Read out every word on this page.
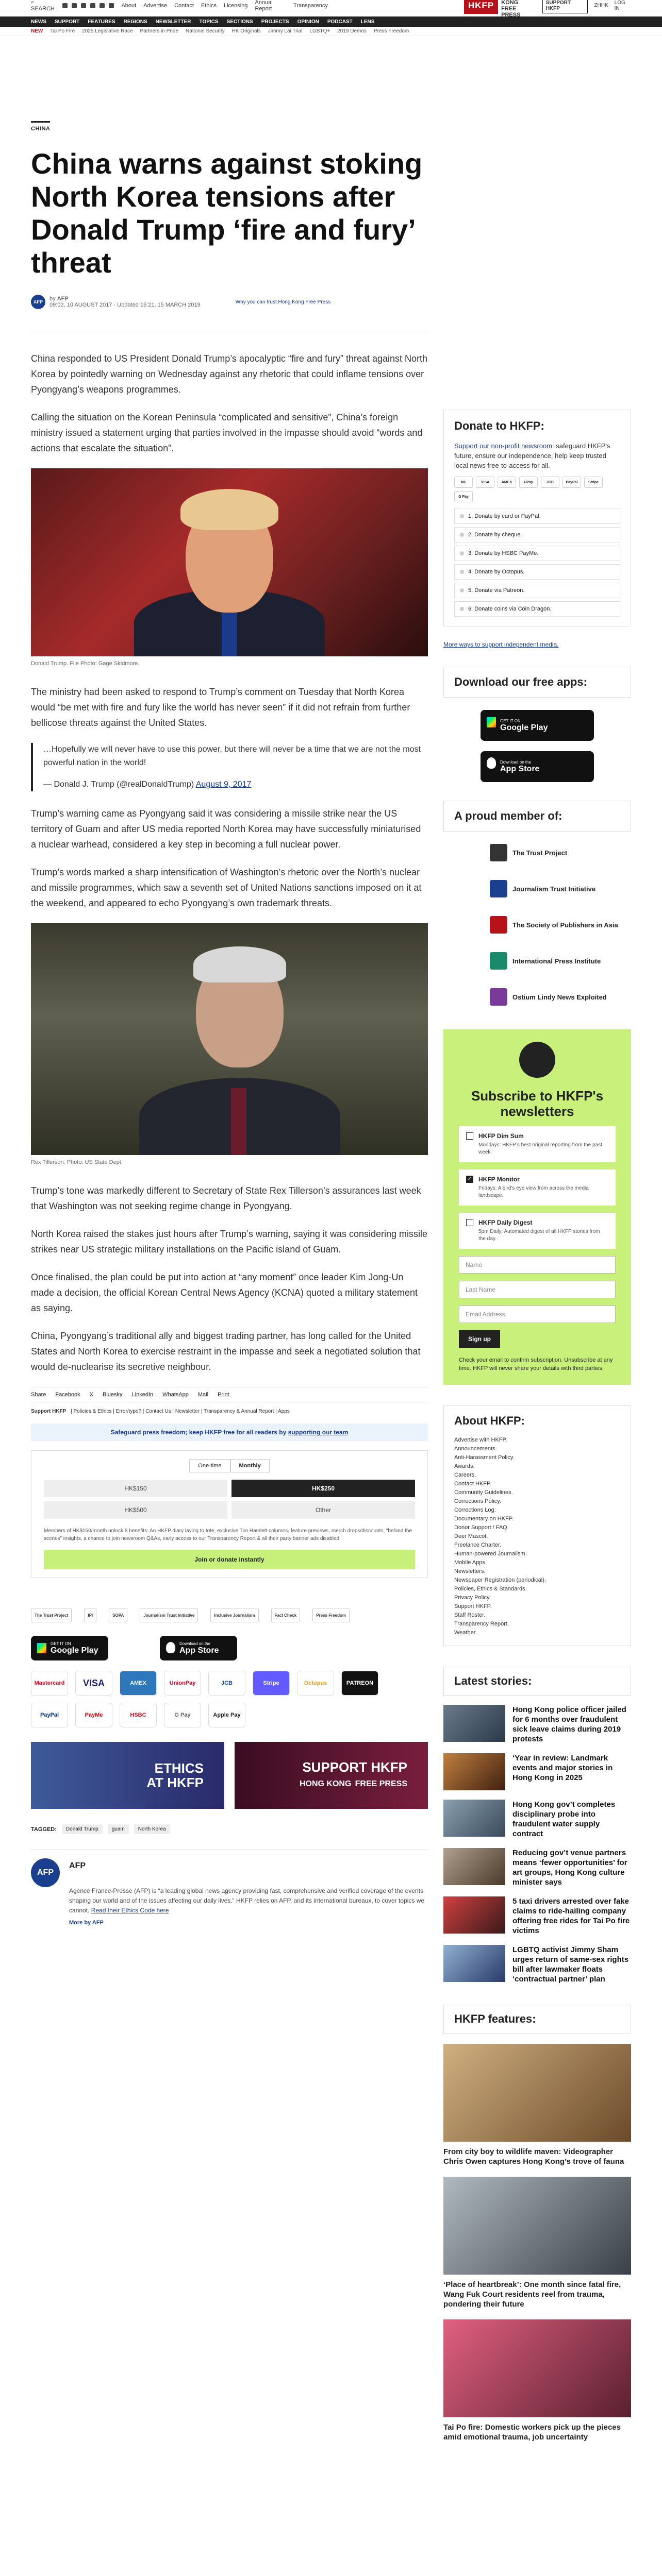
⌕ SEARCH
About Advertise Contact Ethics Licensing Annual Report	Transparency	HKFP	KONG
FREE PRESS
SUPPORT HKFP	ZHHK LOG IN
NEWS SUPPORT FEATURES REGIONS NEWSLETTER TOPICS SECTIONS PROJECTS OPINION PODCAST LENS
NEW Tai Po Fire 2025 Legislative Race Partners in Pride National Security HK Originals Jimmy Lai Trial LGBTQ+ 2019 Demos Press Freedom
CHINA
China warns against stoking North Korea tensions after Donald Trump ‘fire and fury’ threat
AFP	by AFP
09:02, 10 AUGUST 2017 · Updated 15:21, 15 MARCH 2019	Why you can trust Hong Kong Free Press

China responded to US President Donald Trump’s apocalyptic “fire and fury” threat against North Korea by pointedly warning on Wednesday against any rhetoric that could inflame tensions over Pyongyang’s weapons programmes.

Calling the situation on the Korean Peninsula “complicated and sensitive”, China’s foreign ministry issued a statement urging that parties involved in the impasse should avoid “words and actions that escalate the situation”.

Donald Trump. File Photo: Gage Skidmore.

The ministry had been asked to respond to Trump’s comment on Tuesday that North Korea would “be met with fire and fury like the world has never seen” if it did not refrain from further bellicose threats against the United States.

…Hopefully we will never have to use this power, but there will never be a time that we are not the most powerful nation in the world!
— Donald J. Trump (@realDonaldTrump) August 9, 2017

Trump’s warning came as Pyongyang said it was considering a missile strike near the US territory of Guam and after US media reported North Korea may have successfully miniaturised a nuclear warhead, considered a key step in becoming a full nuclear power.

Trump’s words marked a sharp intensification of Washington’s rhetoric over the North’s nuclear and missile programmes, which saw a seventh set of United Nations sanctions imposed on it at the weekend, and appeared to echo Pyongyang’s own trademark threats.

Rex Tillerson. Photo: US State Dept.

Trump’s tone was markedly different to Secretary of State Rex Tillerson’s assurances last week that Washington was not seeking regime change in Pyongyang.

North Korea raised the stakes just hours after Trump’s warning, saying it was considering missile strikes near US strategic military installations on the Pacific island of Guam.

Once finalised, the plan could be put into action at “any moment” once leader Kim Jong-Un made a decision, the official Korean Central News Agency (KCNA) quoted a military statement as saying.

China, Pyongyang’s traditional ally and biggest trading partner, has long called for the United States and North Korea to exercise restraint in the impasse and seek a negotiated solution that would de-nuclearise its secretive neighbour.

Share Facebook X Bluesky LinkedIn WhatsApp Mail Print
Support HKFP | Policies & Ethics | Error/typo? | Contact Us | Newsletter | Transparency & Annual Report | Apps
Safeguard press freedom; keep HKFP free for all readers by supporting our team
One-time	Monthly
HK$150	HK$250
HK$500	Other
Members of HK$150/month unlock 6 benefits: An HKFP diary laying to tote, exclusive Tim Hamlett columns, feature previews, merch drops/discounts, “behind the scenes” insights, a chance to join newsroom Q&As, early access to our Transparency Report & all their party banner ads disabled.
Join or donate instantly
The Trust Project	IPI	SOPA	Journalism Trust Initiative	Inclusive Journalism	Fact Check	Press Freedom
GET IT ON
Google Play
Download on the
App Store
Mastercard	VISA	AMEX	UnionPay	JCB	Stripe	Octopus	PATREON
PayPal	PayMe	HSBC	G Pay	Apple Pay
ETHICS
AT HKFP
SUPPORT HKFP
HONG KONG FREE PRESS
TAGGED:	Donald Trump	guam	North Korea
AFP
AFP
Agence France-Presse (AFP) is “a leading global news agency providing fast, comprehensive and verified coverage of the events shaping our world and of the issues affecting our daily lives.” HKFP relies on AFP, and its international bureaux, to cover topics we cannot. Read their Ethics Code here
More by AFP
Donate to HKFP:
Support our non-profit newsroom: safeguard HKFP’s future, ensure our independence, help keep trusted local news free-to-access for all.
MC	VISA	AMEX	UPay	JCB	PayPal	Stripe
G Pay
1. Donate by card or PayPal.
2. Donate by cheque.
3. Donate by HSBC PayMe.
4. Donate by Octopus.
5. Donate via Patreon.
6. Donate coins via Coin Dragon.
More ways to support independent media.
Download our free apps:
GET IT ON
Google Play
Download on the
App Store
A proud member of:
The Trust Project
Journalism Trust Initiative
The Society of Publishers in Asia
International Press Institute
Ostium Lindy News Exploited
Subscribe to HKFP's newsletters
HKFP Dim Sum
Mondays: HKFP’s best original reporting from the past week.
✓ HKFP Monitor
Fridays: A bird’s eye view from across the media landscape.
HKFP Daily Digest
5pm Daily: Automated digest of all HKFP stories from the day.
Name
Last Name
Email Address
Sign up
Check your email to confirm subscription. Unsubscribe at any time. HKFP will never share your details with third parties.
About HKFP:
Advertise with HKFP.
Announcements.
Anti-Harassment Policy.
Awards.
Careers.
Contact HKFP.
Community Guidelines.
Corrections Policy.
Corrections Log.
Documentary on HKFP.
Donor Support / FAQ.
Deer Mascot.
Freelance Charter.
Human-powered Journalism.
Mobile Apps.
Newsletters.
Newspaper Registration (periodical).
Policies, Ethics & Standards.
Privacy Policy.
Support HKFP.
Staff Roster.
Transparency Report.
Weather.
Latest stories:
Hong Kong police officer jailed for 6 months over fraudulent sick leave claims during 2019 protests
‘Year in review: Landmark events and major stories in Hong Kong in 2025
Hong Kong gov’t completes disciplinary probe into fraudulent water supply contract
Reducing gov’t venue partners means ‘fewer opportunities’ for art groups, Hong Kong culture minister says
5 taxi drivers arrested over fake claims to ride-hailing company offering free rides for Tai Po fire victims
LGBTQ activist Jimmy Sham urges return of same-sex rights bill after lawmaker floats ‘contractual partner’ plan
HKFP features:
From city boy to wildlife maven: Videographer Chris Owen captures Hong Kong’s trove of fauna
‘Place of heartbreak’: One month since fatal fire, Wang Fuk Court residents reel from trauma, pondering their future
Tai Po fire: Domestic workers pick up the pieces amid emotional trauma, job uncertainty
